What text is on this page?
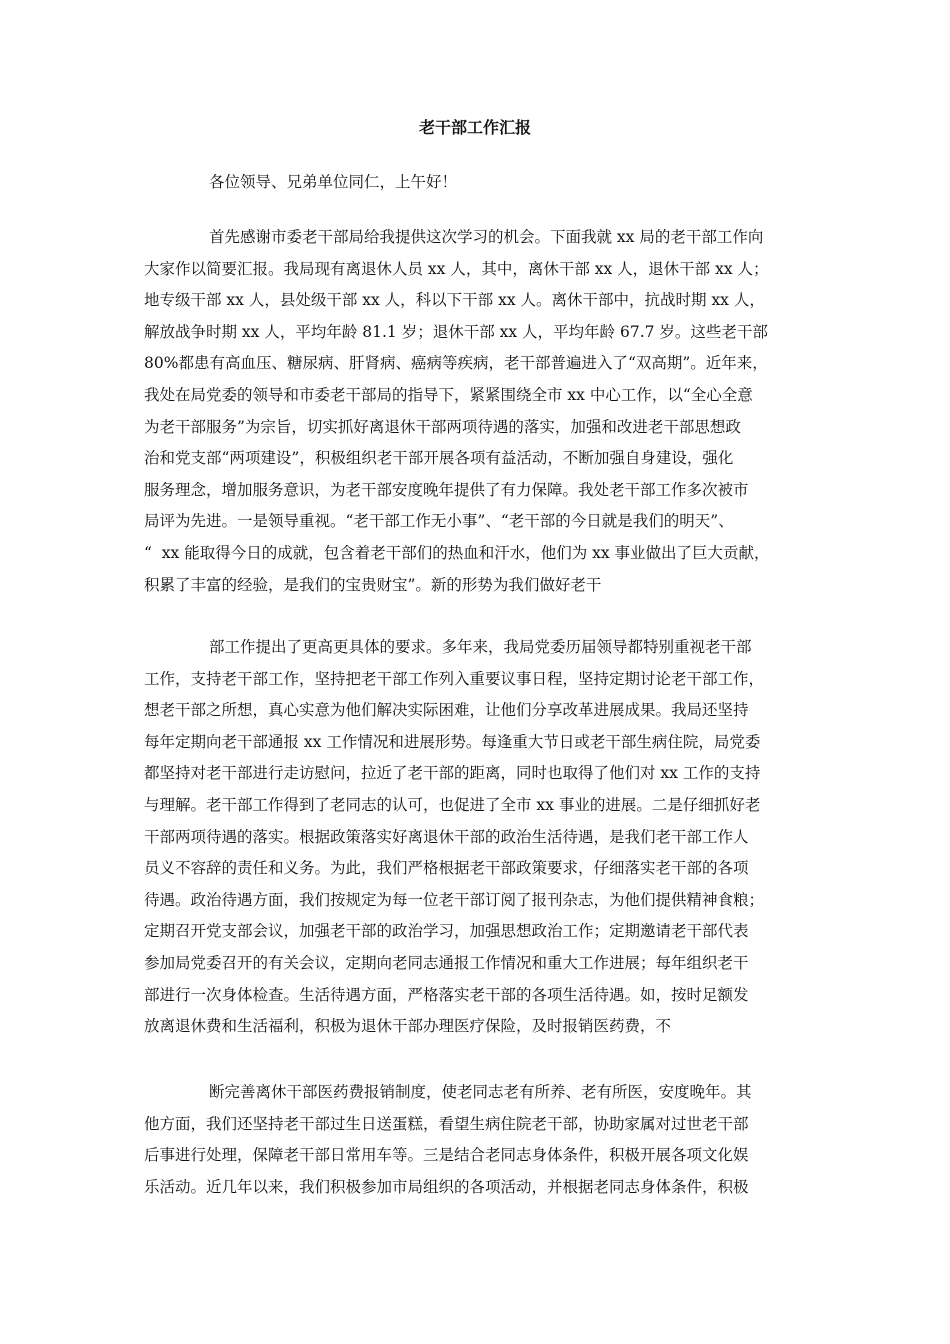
老干部工作汇报

各位领导、兄弟单位同仁，上午好！

首先感谢市委老干部局给我提供这次学习的机会。下面我就 xx 局的老干部工作向

大家作以简要汇报。我局现有离退休人员 xx 人，其中，离休干部 xx 人，退休干部 xx 人；

地专级干部 xx 人，县处级干部 xx 人，科以下干部 xx 人。离休干部中，抗战时期 xx 人，

解放战争时期 xx 人，平均年龄 81.1 岁；退休干部 xx 人，平均年龄 67.7 岁。这些老干部

80%都患有高血压、糖尿病、肝肾病、癌病等疾病，老干部普遍进入了“双高期”。近年来，

我处在局党委的领导和市委老干部局的指导下，紧紧围绕全市 xx 中心工作，以“全心全意

为老干部服务”为宗旨，切实抓好离退休干部两项待遇的落实，加强和改进老干部思想政

治和党支部“两项建设”，积极组织老干部开展各项有益活动，不断加强自身建设，强化

服务理念，增加服务意识，为老干部安度晚年提供了有力保障。我处老干部工作多次被市

局评为先进。一是领导重视。“老干部工作无小事”、“老干部的今日就是我们的明天”、

“  xx 能取得今日的成就，包含着老干部们的热血和汗水，他们为 xx 事业做出了巨大贡献，

积累了丰富的经验，是我们的宝贵财宝”。新的形势为我们做好老干

部工作提出了更高更具体的要求。多年来，我局党委历届领导都特别重视老干部

工作，支持老干部工作，坚持把老干部工作列入重要议事日程，坚持定期讨论老干部工作，

想老干部之所想，真心实意为他们解决实际困难，让他们分享改革进展成果。我局还坚持

每年定期向老干部通报 xx 工作情况和进展形势。每逢重大节日或老干部生病住院，局党委

都坚持对老干部进行走访慰问，拉近了老干部的距离，同时也取得了他们对 xx 工作的支持

与理解。老干部工作得到了老同志的认可，也促进了全市 xx 事业的进展。二是仔细抓好老

干部两项待遇的落实。根据政策落实好离退休干部的政治生活待遇，是我们老干部工作人

员义不容辞的责任和义务。为此，我们严格根据老干部政策要求，仔细落实老干部的各项

待遇。政治待遇方面，我们按规定为每一位老干部订阅了报刊杂志，为他们提供精神食粮；

定期召开党支部会议，加强老干部的政治学习，加强思想政治工作；定期邀请老干部代表

参加局党委召开的有关会议，定期向老同志通报工作情况和重大工作进展；每年组织老干

部进行一次身体检查。生活待遇方面，严格落实老干部的各项生活待遇。如，按时足额发

放离退休费和生活福利，积极为退休干部办理医疗保险，及时报销医药费，不

断完善离休干部医药费报销制度，使老同志老有所养、老有所医，安度晚年。其

他方面，我们还坚持老干部过生日送蛋糕，看望生病住院老干部，协助家属对过世老干部

后事进行处理，保障老干部日常用车等。三是结合老同志身体条件，积极开展各项文化娱

乐活动。近几年以来，我们积极参加市局组织的各项活动，并根据老同志身体条件，积极
